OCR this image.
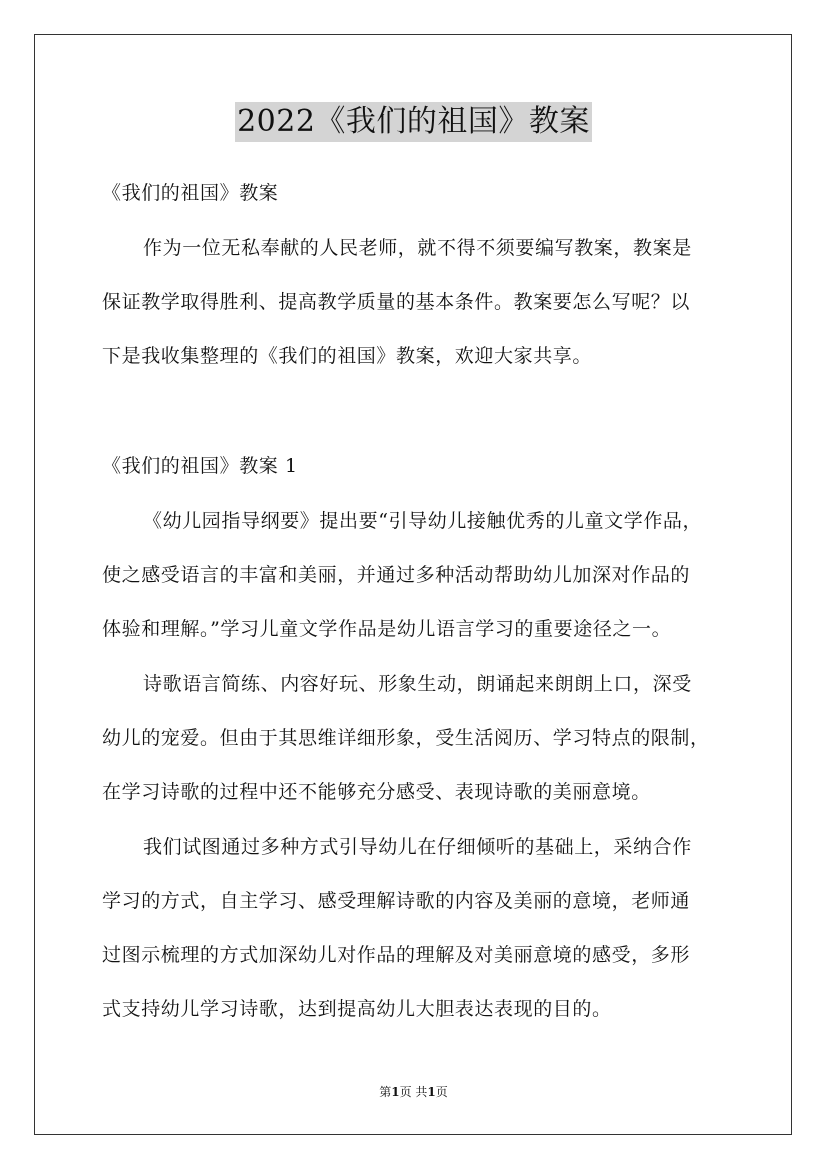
2022《我们的祖国》教案
《我们的祖国》教案
作为一位无私奉献的人民老师，就不得不须要编写教案，教案是
保证教学取得胜利、提高教学质量的基本条件。教案要怎么写呢？以
下是我收集整理的《我们的祖国》教案，欢迎大家共享。
《我们的祖国》教案 1
《幼儿园指导纲要》提出要“引导幼儿接触优秀的儿童文学作品，
使之感受语言的丰富和美丽，并通过多种活动帮助幼儿加深对作品的
体验和理解。”学习儿童文学作品是幼儿语言学习的重要途径之一。
诗歌语言简练、内容好玩、形象生动，朗诵起来朗朗上口，深受
幼儿的宠爱。但由于其思维详细形象，受生活阅历、学习特点的限制，
在学习诗歌的过程中还不能够充分感受、表现诗歌的美丽意境。
我们试图通过多种方式引导幼儿在仔细倾听的基础上，采纳合作
学习的方式，自主学习、感受理解诗歌的内容及美丽的意境，老师通
过图示梳理的方式加深幼儿对作品的理解及对美丽意境的感受，多形
式支持幼儿学习诗歌，达到提高幼儿大胆表达表现的目的。
第1页 共1页
